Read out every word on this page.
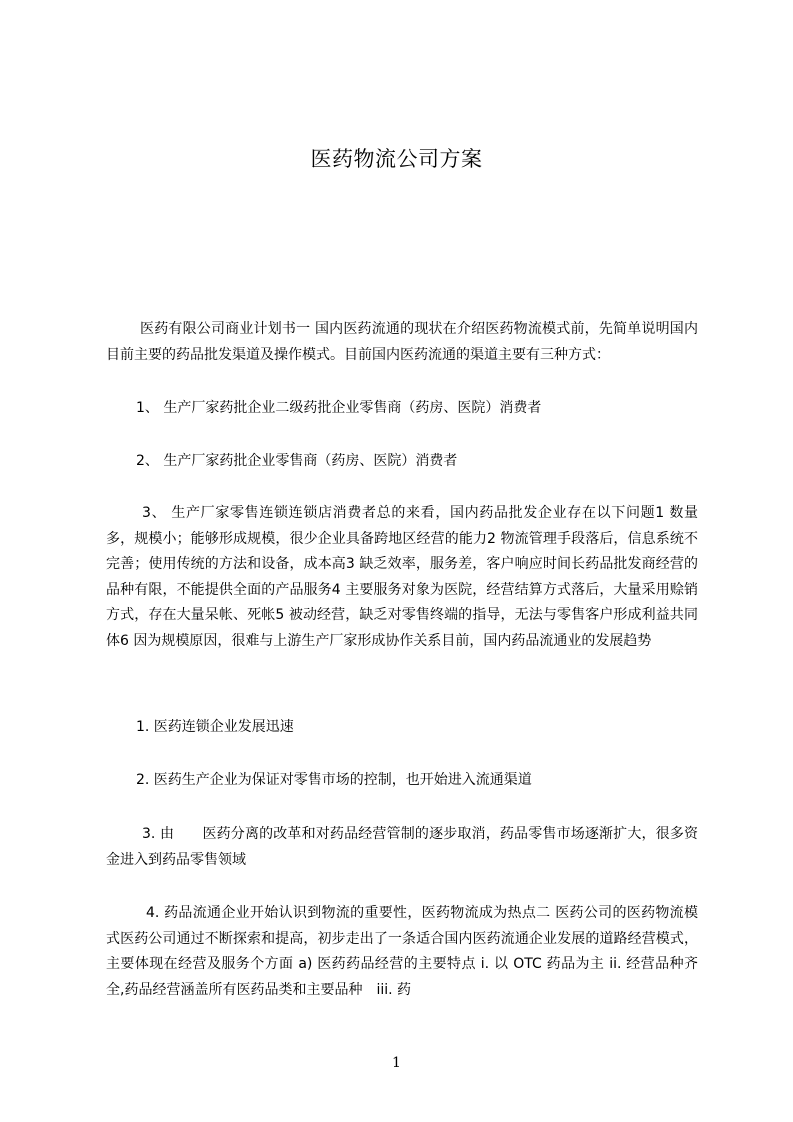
医药物流公司方案
医药有限公司商业计划书一 国内医药流通的现状在介绍医药物流模式前，先简单说明国内目前主要的药品批发渠道及操作模式。目前国内医药流通的渠道主要有三种方式：
1、 生产厂家药批企业二级药批企业零售商（药房、医院）消费者
2、 生产厂家药批企业零售商（药房、医院）消费者
3、 生产厂家零售连锁连锁店消费者总的来看，国内药品批发企业存在以下问题1 数量多，规模小；能够形成规模，很少企业具备跨地区经营的能力2 物流管理手段落后，信息系统不完善；使用传统的方法和设备，成本高3 缺乏效率，服务差，客户响应时间长药品批发商经营的品种有限，不能提供全面的产品服务4 主要服务对象为医院，经营结算方式落后，大量采用赊销方式，存在大量呆帐、死帐5 被动经营，缺乏对零售终端的指导，无法与零售客户形成利益共同体6 因为规模原因，很难与上游生产厂家形成协作关系目前，国内药品流通业的发展趋势
1. 医药连锁企业发展迅速
2. 医药生产企业为保证对零售市场的控制，也开始进入流通渠道
3. 由　　医药分离的改革和对药品经营管制的逐步取消，药品零售市场逐渐扩大，很多资金进入到药品零售领域
4. 药品流通企业开始认识到物流的重要性，医药物流成为热点二 医药公司的医药物流模式医药公司通过不断探索和提高，初步走出了一条适合国内医药流通企业发展的道路经营模式，主要体现在经营及服务个方面 a) 医药药品经营的主要特点 i. 以 OTC 药品为主 ii. 经营品种齐全,药品经营涵盖所有医药品类和主要品种　iii. 药
1
